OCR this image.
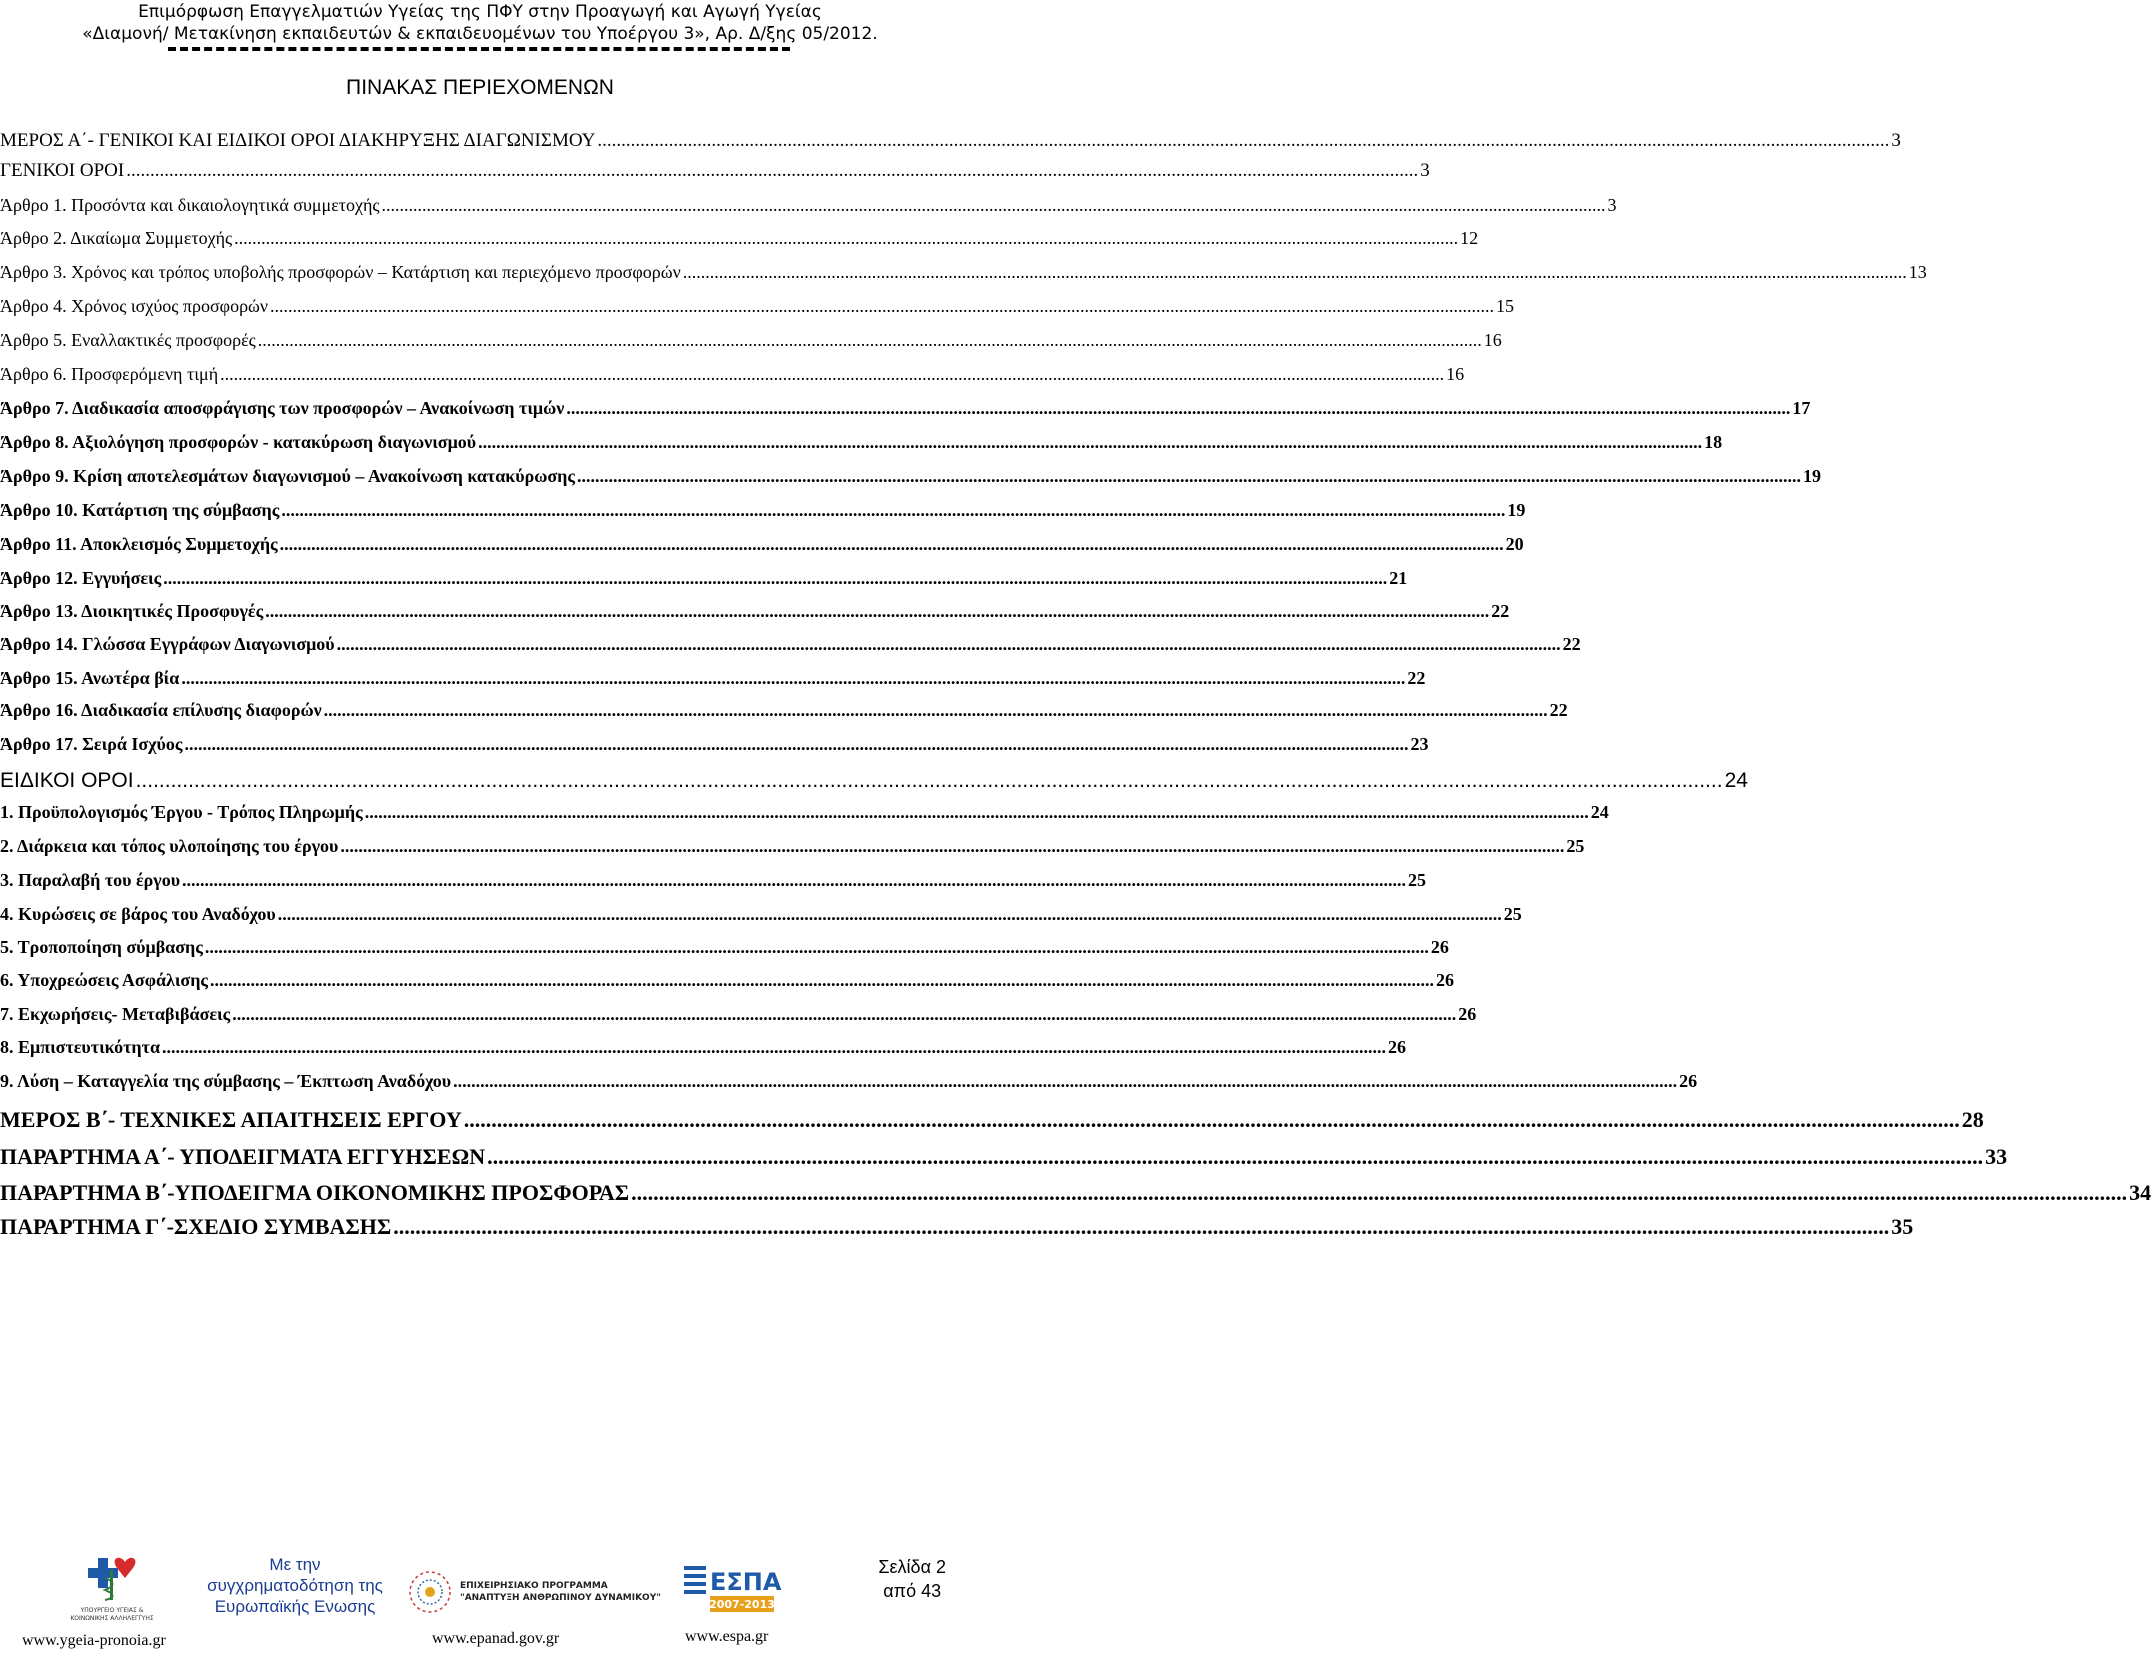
Επιμόρφωση Επαγγελματιών Υγείας της ΠΦΥ στην Προαγωγή και Αγωγή Υγείας
«Διαμονή/ Μετακίνηση εκπαιδευτών & εκπαιδευομένων του Υποέργου 3», Αρ. Δ/ξης 05/2012.
ΠΙΝΑΚΑΣ ΠΕΡΙΕΧΟΜΕΝΩΝ
ΜΕΡΟΣ Α΄- ΓΕΝΙΚΟΙ ΚΑΙ ΕΙΔΙΚΟΙ ΟΡΟΙ ΔΙΑΚΗΡΥΞΗΣ ΔΙΑΓΩΝΙΣΜΟΥ .....	3
ΓΕΝΙΚΟΙ ΟΡΟΙ .....	3
Άρθρο 1. Προσόντα και δικαιολογητικά συμμετοχής .....	3
Άρθρο 2. Δικαίωμα Συμμετοχής .....	12
Άρθρο 3. Χρόνος και τρόπος υποβολής προσφορών – Κατάρτιση και περιεχόμενο προσφορών .....	13
Άρθρο 4. Χρόνος ισχύος προσφορών .....	15
Άρθρο 5. Εναλλακτικές προσφορές .....	16
Άρθρο 6. Προσφερόμενη τιμή .....	16
Άρθρο 7. Διαδικασία αποσφράγισης των προσφορών – Ανακοίνωση τιμών .....	17
Άρθρο 8. Αξιολόγηση προσφορών - κατακύρωση διαγωνισμού .....	18
Άρθρο 9. Κρίση αποτελεσμάτων διαγωνισμού – Ανακοίνωση κατακύρωσης .....	19
Άρθρο 10. Κατάρτιση της σύμβασης .....	19
Άρθρο 11. Αποκλεισμός Συμμετοχής .....	20
Άρθρο 12. Εγγυήσεις .....	21
Άρθρο 13. Διοικητικές Προσφυγές .....	22
Άρθρο 14. Γλώσσα Εγγράφων Διαγωνισμού .....	22
Άρθρο 15. Ανωτέρα βία .....	22
Άρθρο 16. Διαδικασία επίλυσης διαφορών .....	22
Άρθρο 17. Σειρά Ισχύος .....	23
ΕΙΔΙΚΟΙ ΟΡΟΙ .....	24
1. Προϋπολογισμός Έργου - Τρόπος Πληρωμής .....	24
2. Διάρκεια και τόπος υλοποίησης του έργου .....	25
3. Παραλαβή του έργου .....	25
4. Κυρώσεις σε βάρος του Αναδόχου .....	25
5. Τροποποίηση σύμβασης .....	26
6. Υποχρεώσεις Ασφάλισης .....	26
7. Εκχωρήσεις- Μεταβιβάσεις .....	26
8. Εμπιστευτικότητα .....	26
9. Λύση – Καταγγελία της σύμβασης – Έκπτωση Αναδόχου .....	26
ΜΕΡΟΣ Β΄- ΤΕΧΝΙΚΕΣ ΑΠΑΙΤΗΣΕΙΣ ΕΡΓΟΥ .....	28
ΠΑΡΑΡΤΗΜΑ Α΄- ΥΠΟΔΕΙΓΜΑΤΑ ΕΓΓΥΗΣΕΩΝ .....	33
ΠΑΡΑΡΤΗΜΑ Β΄-ΥΠΟΔΕΙΓΜΑ ΟΙΚΟΝΟΜΙΚΗΣ ΠΡΟΣΦΟΡΑΣ .....	34
ΠΑΡΑΡΤΗΜΑ Γ΄-ΣΧΕΔΙΟ ΣΥΜΒΑΣΗΣ .....	35
ΥΠΟΥΡΓΕΙΟ ΥΓΕΙΑΣ &
ΚΟΙΝΩΝΙΚΗΣ ΑΛΛΗΛΕΓΓΥΗΣ
www.ygeia-pronoia.gr
Με την συγχρηματοδότηση της Ευρωπαϊκής Ενωσης
ΕΠΙΧΕΙΡΗΣΙΑΚΟ ΠΡΟΓΡΑΜΜΑ
"ΑΝΑΠΤΥΞΗ ΑΝΘΡΩΠΙΝΟΥ ΔΥΝΑΜΙΚΟΥ"
www.epanad.gov.gr
ΕΣΠΑ
2007-2013
www.espa.gr
Σελίδα 2
από 43
